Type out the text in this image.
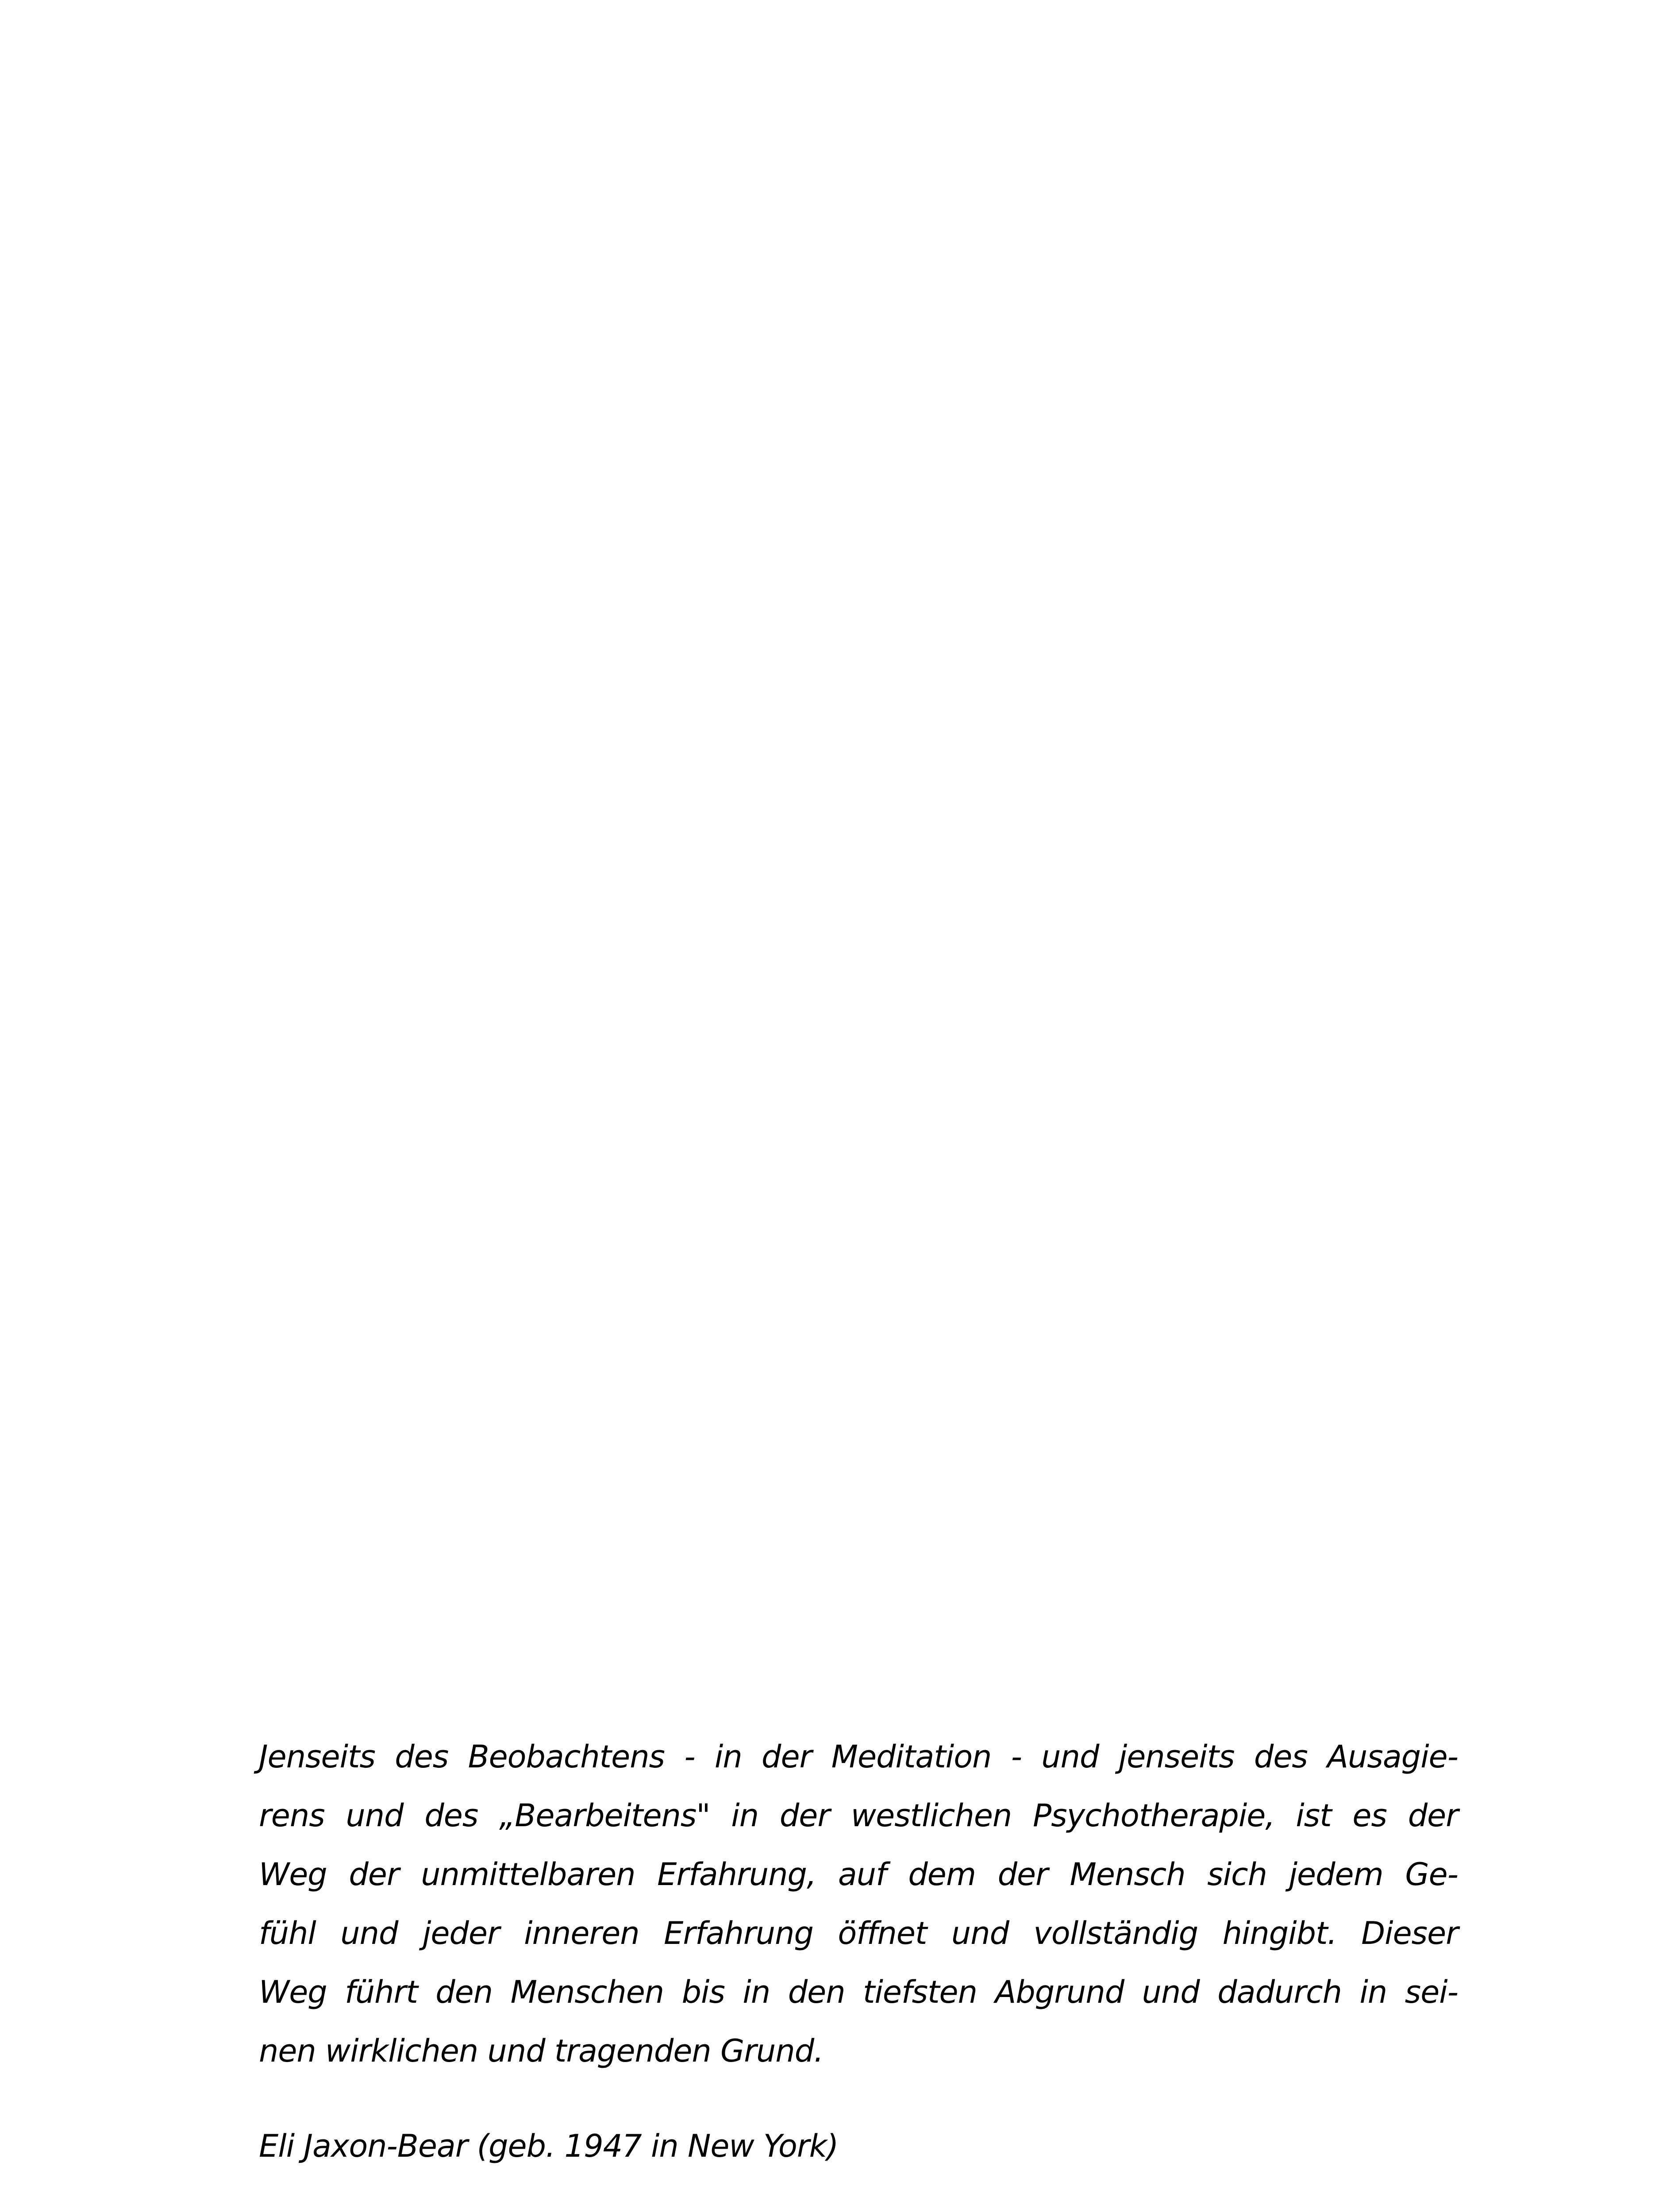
Jenseits des Beobachtens - in der Meditation - und jenseits des Ausagie-
rens und des „Bearbeitens" in der westlichen Psychotherapie, ist es der
Weg der unmittelbaren Erfahrung, auf dem der Mensch sich jedem Ge-
fühl und jeder inneren Erfahrung öffnet und vollständig hingibt. Dieser
Weg führt den Menschen bis in den tiefsten Abgrund und dadurch in sei-
nen wirklichen und tragenden Grund.
Eli Jaxon-Bear (geb. 1947 in New York)
